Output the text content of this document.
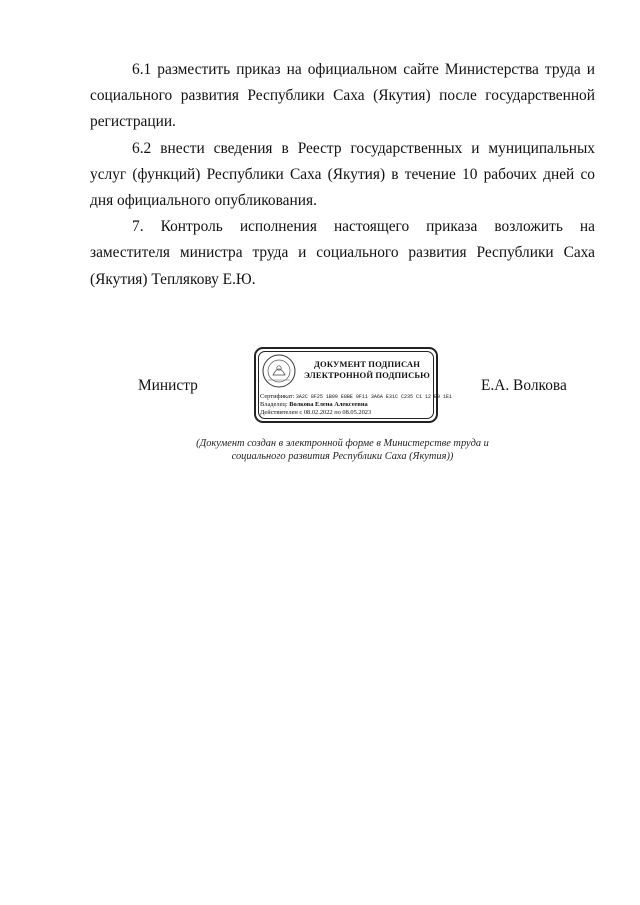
6.1 разместить приказ на официальном сайте Министерства труда и социального развития Республики Саха (Якутия) после государственной регистрации.

6.2 внести сведения в Реестр государственных и муниципальных услуг (функций) Республики Саха (Якутия) в течение 10 рабочих дней со дня официального опубликования.

7. Контроль исполнения настоящего приказа возложить на заместителя министра труда и социального развития Республики Саха (Якутия) Теплякову Е.Ю.

Министр
ДОКУМЕНТ ПОДПИСАН
ЭЛЕКТРОННОЙ ПОДПИСЬЮ
Сертификат: 3A2C 8F25 1B09 E8BE 0F11 3A6A E31C C235 C1 12 E9 1E1
Владелец: Волкова Елена Алексеевна
Действителен с 08.02.2022 по 08.05.2023
Е.А. Волкова
(Документ создан в электронной форме в Министерстве труда и
социального развития Республики Саха (Якутия))
